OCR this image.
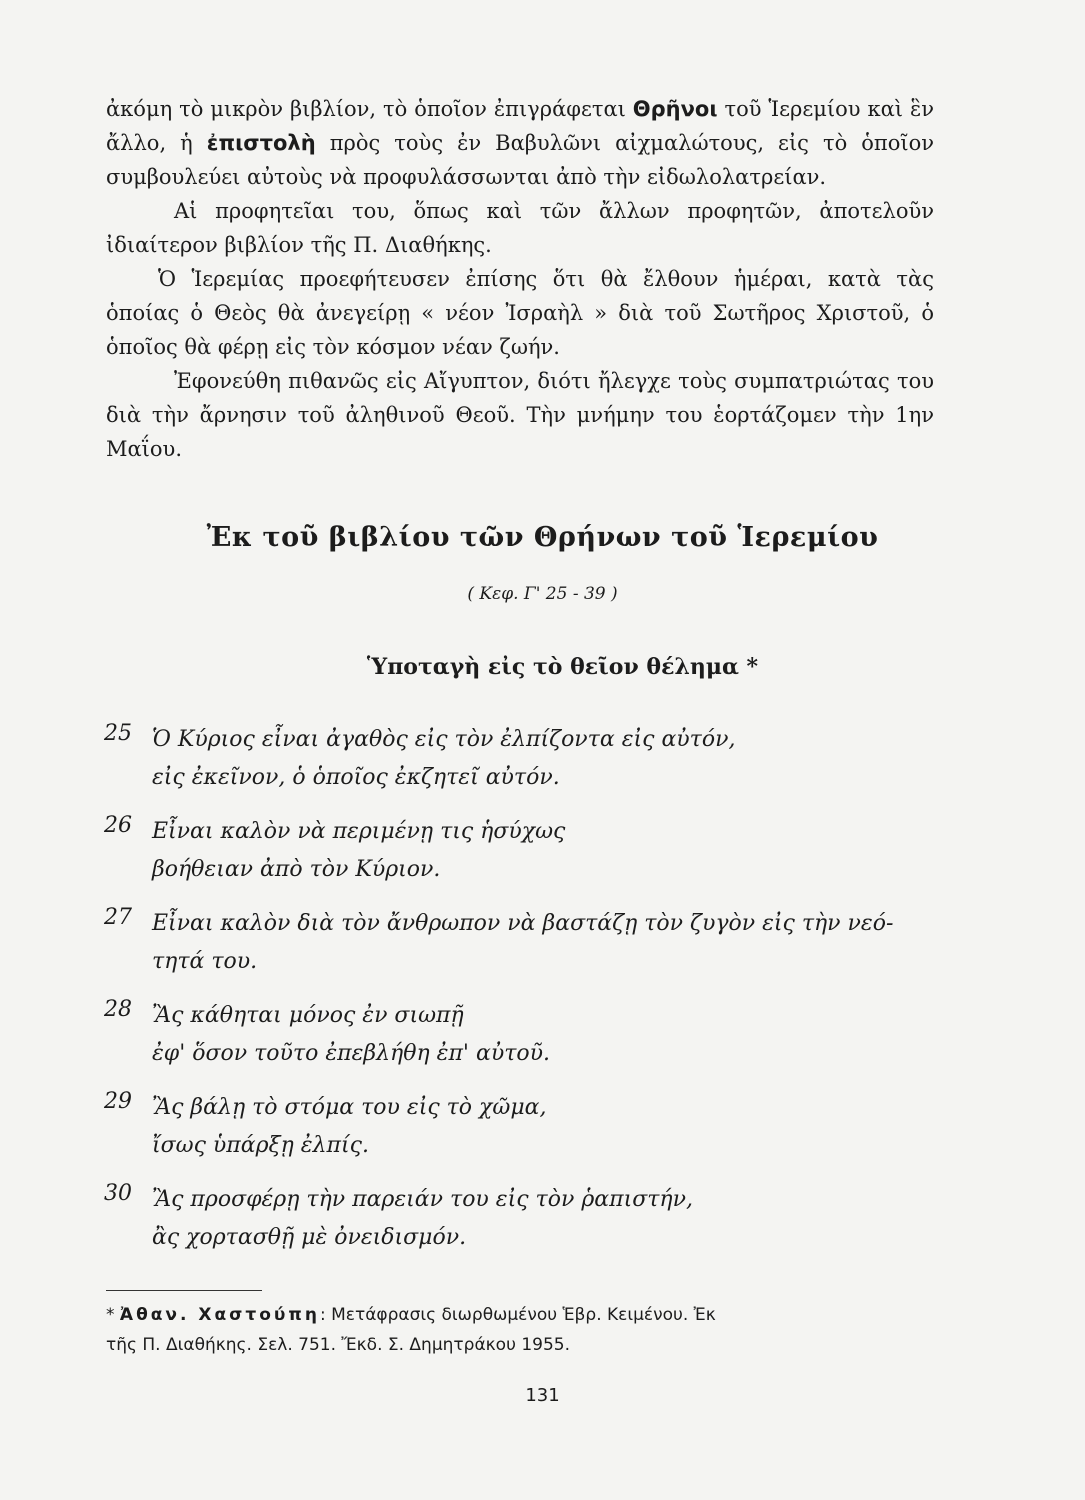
ἀκόμη τὸ μικρὸν βιβλίον, τὸ ὁποῖον ἐπιγράφεται Θρῆνοι τοῦ Ἱερεμίου καὶ ἓν ἄλλο, ἡ ἐπιστολὴ πρὸς τοὺς ἐν Βαβυλῶνι αἰχμαλώτους, εἰς τὸ ὁποῖον συμβουλεύει αὐτοὺς νὰ προφυλάσσωνται ἀπὸ τὴν εἰδωλολατρείαν.

Αἱ προφητεῖαι του, ὅπως καὶ τῶν ἄλλων προφητῶν, ἀποτελοῦν ἰδιαίτερον βιβλίον τῆς Π. Διαθήκης.

Ὁ Ἱερεμίας προεφήτευσεν ἐπίσης ὅτι θὰ ἔλθουν ἡμέραι, κατὰ τὰς ὁποίας ὁ Θεὸς θὰ ἀνεγείρῃ « νέον Ἰσραὴλ » διὰ τοῦ Σωτῆρος Χριστοῦ, ὁ ὁποῖος θὰ φέρῃ εἰς τὸν κόσμον νέαν ζωήν.

Ἐφονεύθη πιθανῶς εἰς Αἴγυπτον, διότι ἤλεγχε τοὺς συμπατριώτας του διὰ τὴν ἄρνησιν τοῦ ἀληθινοῦ Θεοῦ. Τὴν μνήμην του ἑορτάζομεν τὴν 1ην Μαΐου.

Ἐκ τοῦ βιβλίου τῶν Θρήνων τοῦ Ἱερεμίου
( Κεφ. Γ' 25 - 39 )
Ὑποταγὴ εἰς τὸ θεῖον θέλημα *
25 Ὁ Κύριος εἶναι ἀγαθὸς εἰς τὸν ἐλπίζοντα εἰς αὐτόν,
εἰς ἐκεῖνον, ὁ ὁποῖος ἐκζητεῖ αὐτόν.
26 Εἶναι καλὸν νὰ περιμένῃ τις ἡσύχως
βοήθειαν ἀπὸ τὸν Κύριον.
27 Εἶναι καλὸν διὰ τὸν ἄνθρωπον νὰ βαστάζῃ τὸν ζυγὸν εἰς τὴν νεό-
τητά του.
28 Ἂς κάθηται μόνος ἐν σιωπῇ
ἐφ' ὅσον τοῦτο ἐπεβλήθη ἐπ' αὐτοῦ.
29 Ἂς βάλῃ τὸ στόμα του εἰς τὸ χῶμα,
ἴσως ὑπάρξῃ ἐλπίς.
30 Ἂς προσφέρῃ τὴν παρειάν του εἰς τὸν ῥαπιστήν,
ἂς χορτασθῇ μὲ ὀνειδισμόν.
* Ἀθαν. Χαστούπη: Μετάφρασις διωρθωμένου Ἑβρ. Κειμένου. Ἐκ
τῆς Π. Διαθήκης. Σελ. 751. Ἔκδ. Σ. Δημητράκου 1955.
131
